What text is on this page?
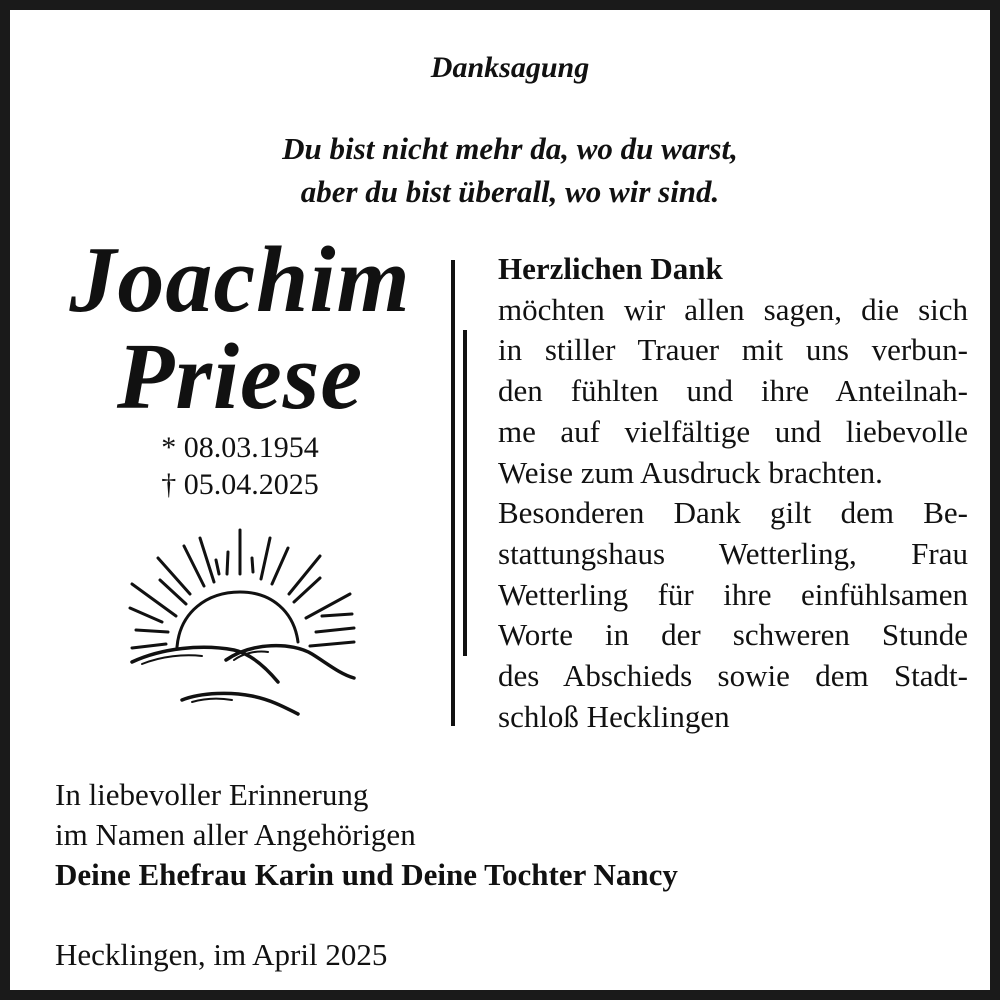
Danksagung

Du bist nicht mehr da, wo du warst,
aber du bist überall, wo wir sind.

Joachim

Priese

* 08.03.1954

† 05.04.2025

Herzlichen Dank
möchten wir allen sagen, die sich
in stiller Trauer mit uns verbun-
den fühlten und ihre Anteilnah-
me auf vielfältige und liebevolle
Weise zum Ausdruck brachten.
Besonderen Dank gilt dem Be-
stattungshaus Wetterling, Frau
Wetterling für ihre einfühlsamen
Worte in der schweren Stunde
des Abschieds sowie dem Stadt-
schloß Hecklingen
In liebevoller Erinnerung
im Namen aller Angehörigen
Deine Ehefrau Karin und Deine Tochter Nancy

Hecklingen, im April 2025
